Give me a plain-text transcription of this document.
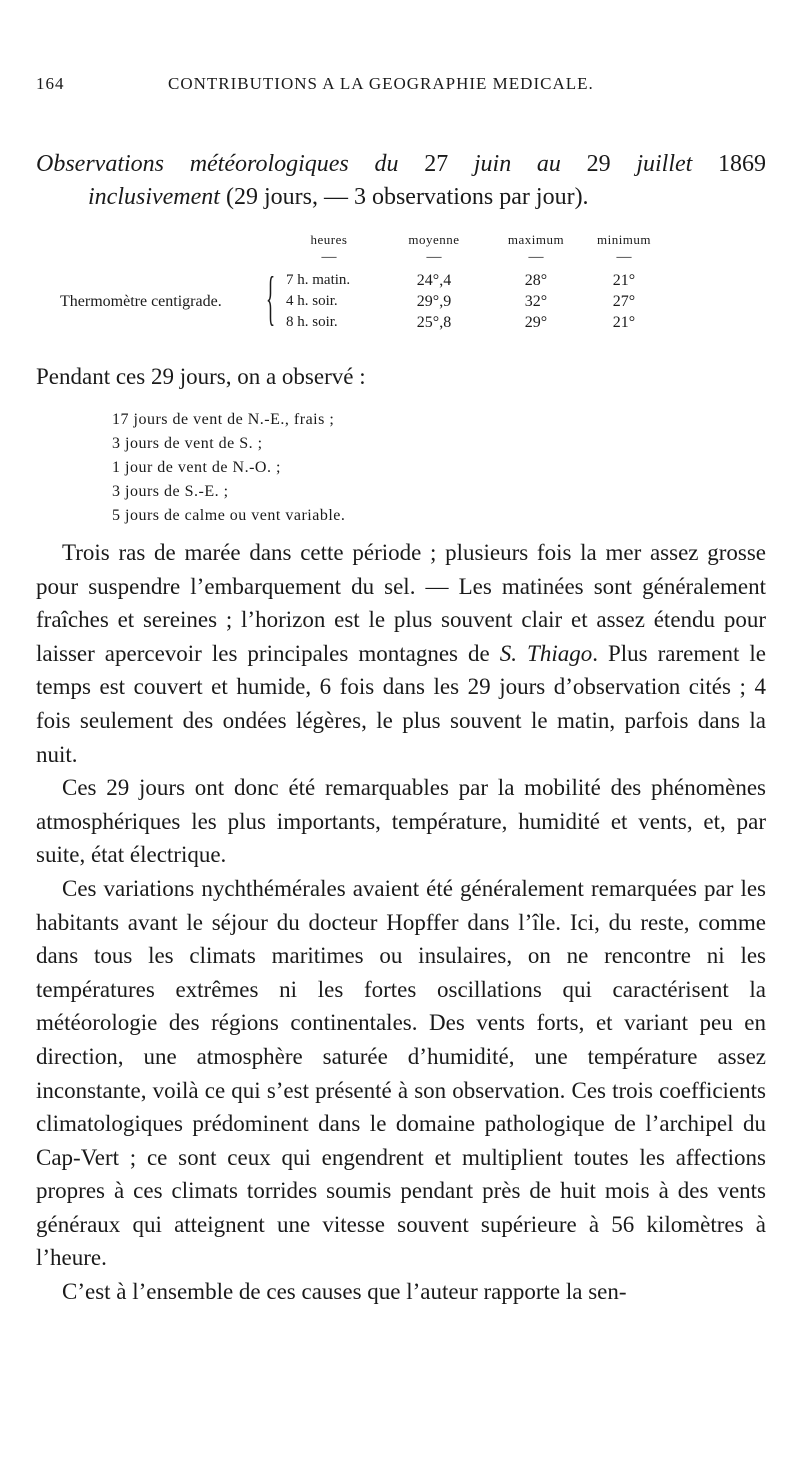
164	CONTRIBUTIONS A LA GEOGRAPHIE MEDICALE.
Observations météorologiques du 27 juin au 29 juillet 1869
inclusivement (29 jours, — 3 observations par jour).
		heures	moyenne	maximum	minimum
		—	—	—	—
Thermomètre centigrade.	{	7 h. matin.	24°,4	28°	21°
		4 h. soir.	29°,9	32°	27°
		8 h. soir.	25°,8	29°	21°
Pendant ces 29 jours, on a observé :
17 jours de vent de N.-E., frais ;
3 jours de vent de S. ;
1 jour de vent de N.-O. ;
3 jours de S.-E. ;
5 jours de calme ou vent variable.

Trois ras de marée dans cette période ; plusieurs fois la mer assez grosse pour suspendre l’embarquement du sel. — Les matinées sont généralement fraîches et sereines ; l’horizon est le plus souvent clair et assez étendu pour laisser apercevoir les principales montagnes de S. Thiago. Plus rarement le temps est couvert et humide, 6 fois dans les 29 jours d’observation cités ; 4 fois seulement des ondées légères, le plus souvent le matin, parfois dans la nuit.

Ces 29 jours ont donc été remarquables par la mobilité des phénomènes atmosphériques les plus importants, température, humidité et vents, et, par suite, état électrique.

Ces variations nychthémérales avaient été généralement remarquées par les habitants avant le séjour du docteur Hopffer dans l’île. Ici, du reste, comme dans tous les climats maritimes ou insulaires, on ne rencontre ni les températures extrêmes ni les fortes oscillations qui caractérisent la météorologie des régions continentales. Des vents forts, et variant peu en direction, une atmosphère saturée d’humidité, une température assez inconstante, voilà ce qui s’est présenté à son observation. Ces trois coefficients climatologiques prédominent dans le domaine pathologique de l’archipel du Cap-Vert ; ce sont ceux qui engendrent et multiplient toutes les affections propres à ces climats torrides soumis pendant près de huit mois à des vents généraux qui atteignent une vitesse souvent supérieure à 56 kilomètres à l’heure.

C’est à l’ensemble de ces causes que l’auteur rapporte la sen-
